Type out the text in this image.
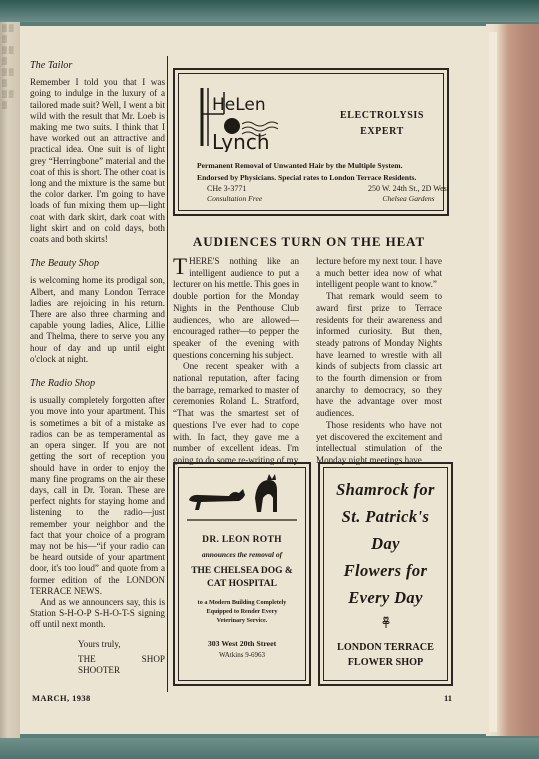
▒ ▒
▒
▒ ▒
▒
▒ ▒
▒
▒ ▒
▒
The Tailor

Remember I told you that I was going to indulge in the luxury of a tailored made suit? Well, I went a bit wild with the result that Mr. Loeb is making me two suits. I think that I have worked out an attractive and practical idea. One suit is of light grey “Herringbone” material and the coat of this is short. The other coat is long and the mixture is the same but the color darker. I'm going to have loads of fun mixing them up—light coat with dark skirt, dark coat with light skirt and on cold days, both coats and both skirts!

The Beauty Shop

is welcoming home its prodigal son, Albert, and many London Terrace ladies are rejoicing in his return. There are also three charming and capable young ladies, Alice, Lillie and Thelma, there to serve you any hour of day and up until eight o'clock at night.

The Radio Shop

is usually completely forgotten after you move into your apartment. This is sometimes a bit of a mistake as radios can be as temperamental as an opera singer. If you are not getting the sort of reception you should have in order to enjoy the many fine programs on the air these days, call in Dr. Toran. These are perfect nights for staying home and listening to the radio—just remember your neighbor and the fact that your choice of a program may not be his—“if your radio can be heard outside of your apartment door, it's too loud” and quote from a former edition of the LONDON TERRACE NEWS.

And as we announcers say, this is Station S-H-O-P S-H-O-T-S signing off until next month.

Yours truly,

THE SHOP SHOOTER

HeLen
Lynch
ELECTROLYSIS
EXPERT
Permanent Removal of Unwanted Hair by the Multiple System.
Endorsed by Physicians. Special rates to London Terrace Residents.
CHe 3-3771
Consultation Free
250 W. 24th St., 2D West
Chelsea Gardens
AUDIENCES TURN ON THE HEAT

THERE'S nothing like an intelligent audience to put a lecturer on his mettle. This goes in double portion for the Monday Nights in the Penthouse Club audiences, who are allowed—encouraged rather—to pepper the speaker of the evening with questions concerning his subject.

One recent speaker with a national reputation, after facing the barrage, remarked to master of ceremonies Roland L. Stratford, “That was the smartest set of questions I've ever had to cope with. In fact, they gave me a number of excellent ideas. I'm going to do some re-writing of my

lecture before my next tour. I have a much better idea now of what intelligent people want to know.”

That remark would seem to award first prize to Terrace residents for their awareness and informed curiosity. But then, steady patrons of Monday Nights have learned to wrestle with all kinds of subjects from classic art to the fourth dimension or from anarchy to democracy, so they have the advantage over most audiences.

Those residents who have not yet discovered the excitement and intellectual stimulation of the Monday night meetings have

DR. LEON ROTH
announces the removal of
THE CHELSEA DOG &
CAT HOSPITAL
to a Modern Building Completely
Equipped to Render Every
Veterinary Service.
303 West 20th Street
WAtkins 9-6963
Shamrock for
St. Patrick's
Day
Flowers for
Every Day
LONDON TERRACE
FLOWER SHOP
MARCH, 1938	11
